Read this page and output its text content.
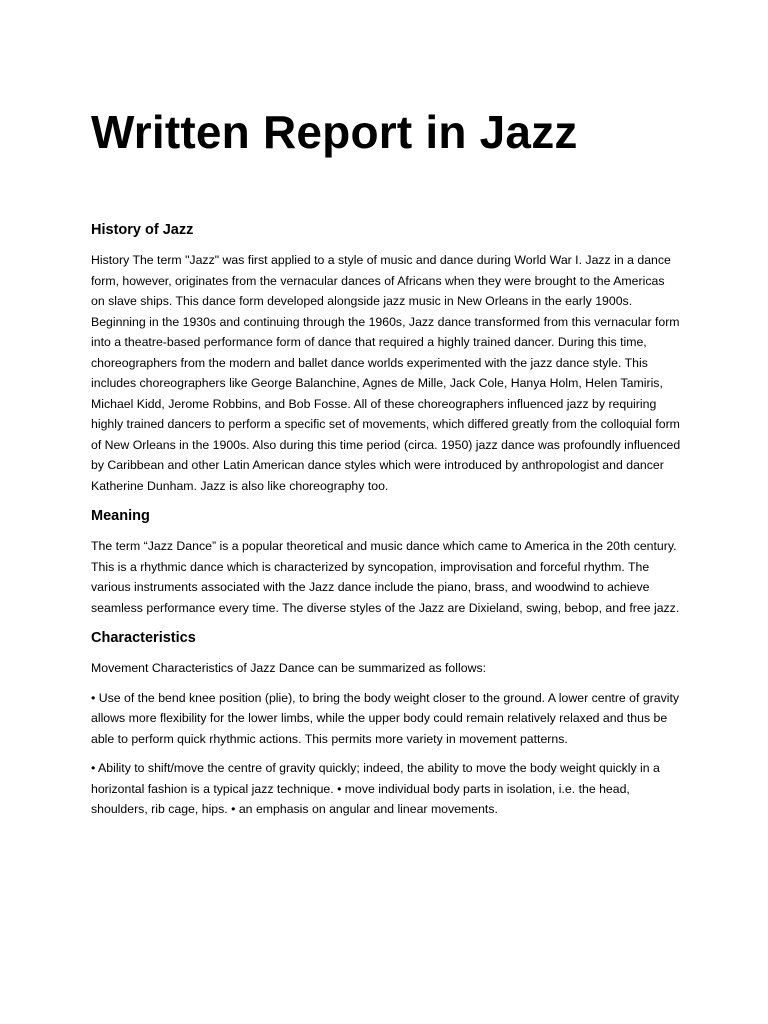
Written Report in Jazz
History of Jazz

History The term "Jazz" was first applied to a style of music and dance during World War I. Jazz in a dance form, however, originates from the vernacular dances of Africans when they were brought to the Americas on slave ships. This dance form developed alongside jazz music in New Orleans in the early 1900s. Beginning in the 1930s and continuing through the 1960s, Jazz dance transformed from this vernacular form into a theatre-based performance form of dance that required a highly trained dancer. During this time, choreographers from the modern and ballet dance worlds experimented with the jazz dance style. This includes choreographers like George Balanchine, Agnes de Mille, Jack Cole, Hanya Holm, Helen Tamiris, Michael Kidd, Jerome Robbins, and Bob Fosse. All of these choreographers influenced jazz by requiring highly trained dancers to perform a specific set of movements, which differed greatly from the colloquial form of New Orleans in the 1900s. Also during this time period (circa. 1950) jazz dance was profoundly influenced by Caribbean and other Latin American dance styles which were introduced by anthropologist and dancer Katherine Dunham. Jazz is also like choreography too.

Meaning

The term “Jazz Dance” is a popular theoretical and music dance which came to America in the 20th century. This is a rhythmic dance which is characterized by syncopation, improvisation and forceful rhythm. The various instruments associated with the Jazz dance include the piano, brass, and woodwind to achieve seamless performance every time. The diverse styles of the Jazz are Dixieland, swing, bebop, and free jazz.

Characteristics

Movement Characteristics of Jazz Dance can be summarized as follows:

• Use of the bend knee position (plie), to bring the body weight closer to the ground. A lower centre of gravity allows more flexibility for the lower limbs, while the upper body could remain relatively relaxed and thus be able to perform quick rhythmic actions. This permits more variety in movement patterns.

• Ability to shift/move the centre of gravity quickly; indeed, the ability to move the body weight quickly in a horizontal fashion is a typical jazz technique. • move individual body parts in isolation, i.e. the head, shoulders, rib cage, hips. • an emphasis on angular and linear movements.
